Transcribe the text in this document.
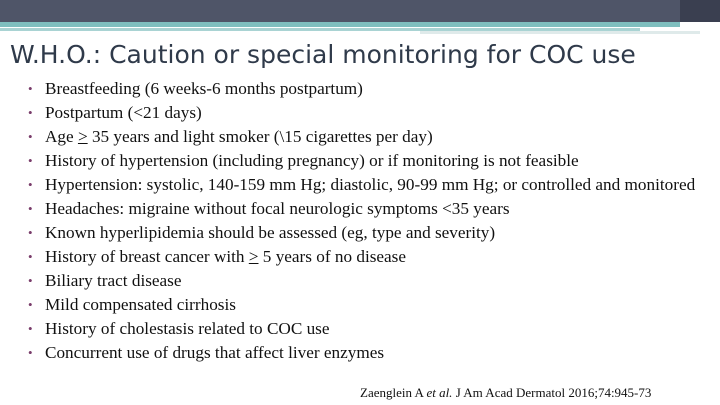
W.H.O.: Caution or special monitoring for COC use
• Breastfeeding (6 weeks-6 months postpartum)
• Postpartum (<21 days)
• Age > 35 years and light smoker (\15 cigarettes per day)
• History of hypertension (including pregnancy) or if monitoring is not feasible
• Hypertension: systolic, 140-159 mm Hg; diastolic, 90-99 mm Hg; or controlled and monitored
• Headaches: migraine without focal neurologic symptoms <35 years
• Known hyperlipidemia should be assessed (eg, type and severity)
• History of breast cancer with > 5 years of no disease
• Biliary tract disease
• Mild compensated cirrhosis
• History of cholestasis related to COC use
• Concurrent use of drugs that affect liver enzymes
Zaenglein A et al. J Am Acad Dermatol 2016;74:945-73
